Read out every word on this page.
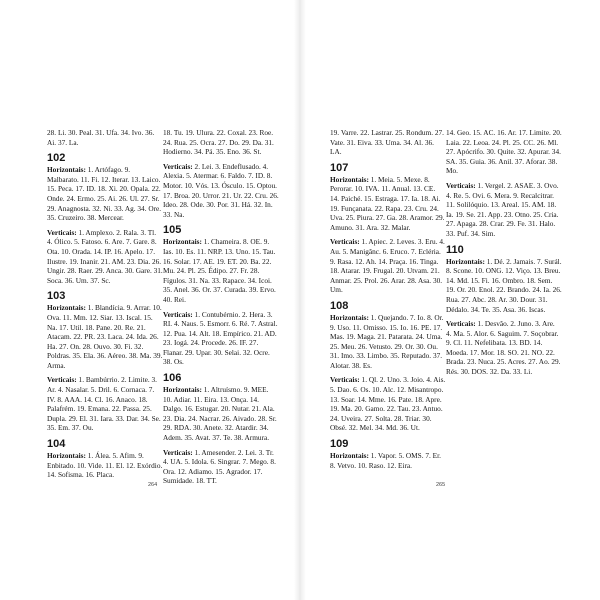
28. Li. 30. Peal. 31. Ufa. 34. Ivo. 36. Ai. 37. La.

102

Horizontais: 1. Artófago. 9. Malbarato. 11. Fi. 12. Iterar. 13. Laico. 15. Peca. 17. ID. 18. Xi. 20. Opala. 22. Onde. 24. Ermo. 25. Ai. 26. Ul. 27. Sr. 29. Anagnosta. 32. Ni. 33. Ag. 34. Ore. 35. Cruzeiro. 38. Mercear.

Verticais: 1. Amplexo. 2. Rala. 3. Tl. 4. Ólico. 5. Fatoso. 6. Are. 7. Gare. 8. Ota. 10. Orada. 14. IP. 16. Apelo. 17. Ilustre. 19. Inanir. 21. AM. 23. Dia. 26. Ungir. 28. Raer. 29. Anca. 30. Gare. 31. Soca. 36. Um. 37. Sc.

103

Horizontais: 1. Blandícia. 9. Arrar. 10. Ova. 11. Mm. 12. Siar. 13. Iscal. 15. Na. 17. Util. 18. Pane. 20. Re. 21. Atacam. 22. PR. 23. Laca. 24. Ida. 26. Ha. 27. On. 28. Ouvo. 30. Fi. 32. Poldras. 35. Ela. 36. Aéreo. 38. Ma. 39. Arma.

Verticais: 1. Bambúrrio. 2. Limite. 3. Ar. 4. Nasalar. 5. Dril. 6. Cornaca. 7. IV. 8. AAA. 14. Cl. 16. Anaco. 18. Palafrém. 19. Emana. 22. Passa. 25. Dupla. 29. El. 31. Iara. 33. Dar. 34. Se. 35. Em. 37. Ou.

104

Horizontais: 1. Álea. 5. Afim. 9. Enbitado. 10. Vide. 11. El. 12. Exórdio. 14. Sofisma. 16. Placa.

18. Tu. 19. Ulura. 22. Coxal. 23. Roe. 24. Rua. 25. Ocra. 27. Do. 29. Da. 31. Hodierno. 34. Pá. 35. Eno. 36. St.

Verticais: 2. Lei. 3. Endeflusado. 4. Alexia. 5. Atermar. 6. Faldo. 7. ID. 8. Motor. 10. Vós. 13. Ósculo. 15. Optou. 17. Broa. 20. Urror. 21. Ur. 22. Cru. 26. Ideo. 28. Ode. 30. Por. 31. Há. 32. In. 33. Na.

105

Horizontais: 1. Chameira. 8. OE. 9. Ias. 10. Es. 11. NRP. 13. Uno. 15. Tau. 16. Solar. 17. AE. 19. ET. 20. Ba. 22. Mu. 24. Pl. 25. Édipo. 27. Fr. 28. Fígulos. 31. Na. 33. Rapace. 34. Icoi. 35. Anel. 36. Or. 37. Curada. 39. Ervo. 40. Rei.

Verticais: 1. Contubérnio. 2. Hera. 3. RI. 4. Naus. 5. Esmorr. 6. Ré. 7. Astral. 12. Pua. 14. Alt. 18. Empírico. 21. AD. 23. Iogá. 24. Procede. 26. IF. 27. Flanar. 29. Upar. 30. Selai. 32. Ocre. 38. Os.

106

Horizontais: 1. Altruísmo. 9. MEE. 10. Adiar. 11. Eira. 13. Onça. 14. Dalgo. 16. Estugar. 20. Nutar. 21. Ala. 23. Dia. 24. Nacrar. 26. Aivado. 28. Sr. 29. RDA. 30. Anete. 32. Atardir. 34. Adem. 35. Avat. 37. Te. 38. Armura.

Verticais: 1. Amesender. 2. Lei. 3. Tr. 4. UA. 5. Idola. 6. Singrar. 7. Mego. 8. Ora. 12. Adiamo. 15. Agrador. 17. Sumidade. 18. TT.

264

19. Varre. 22. Lastrar. 25. Rondum. 27. Vate. 31. Eiva. 33. Uma. 34. Al. 36. LA.

107

Horizontais: 1. Meia. 5. Mexe. 8. Perorar. 10. IVA. 11. Anual. 13. CE. 14. Paiché. 15. Estraga. 17. Ia. 18. Ai. 19. Funçanata. 22. Rapa. 23. Cru. 24. Uva. 25. Piura. 27. Ga. 28. Aramor. 29. Amuno. 31. Ara. 32. Malar.

Verticais: 1. Apiec. 2. Leves. 3. Eru. 4. Au. 5. Manigânc. 6. Eruco. 7. Ecléria. 9. Rasa. 12. Ah. 14. Praça. 16. Tinga. 18. Atarar. 19. Frugal. 20. Utvam. 21. Anmar. 25. Prol. 26. Arar. 28. Asa. 30. Um.

108

Horizontais: 1. Quejando. 7. Io. 8. Or. 9. Uso. 11. Omisso. 15. Io. 16. PE. 17. Mas. 19. Maga. 21. Patarata. 24. Uma. 25. Meu. 26. Vetusto. 29. Or. 30. Ou. 31. Imo. 33. Limbo. 35. Reputado. 37. Alotar. 38. Es.

Verticais: 1. Ql. 2. Uno. 3. Joio. 4. Ais. 5. Dao. 6. Os. 10. Alc. 12. Misantropo. 13. Soar. 14. Mme. 16. Pate. 18. Apre. 19. Ma. 20. Gamo. 22. Tau. 23. Antuo. 24. Uveira. 27. Solta. 28. Triar. 30. Obsé. 32. Mel. 34. Md. 36. Ut.

109

Horizontais: 1. Vapor. 5. OMS. 7. Er. 8. Vetvo. 10. Raso. 12. Eira.

14. Geo. 15. AC. 16. Ar. 17. Limite. 20. Laia. 22. Leoa. 24. Pl. 25. CC. 26. Ml. 27. Apócrifo. 30. Quite. 32. Apurar. 34. SA. 35. Guia. 36. Anil. 37. Aforar. 38. Mo.

Verticais: 1. Vergel. 2. ASAE. 3. Ovo. 4. Re. 5. Ovi. 6. Mera. 9. Recalcitrar. 11. Solilóquio. 13. Areal. 15. AM. 18. Ia. 19. Se. 21. App. 23. Otno. 25. Cria. 27. Apaga. 28. Crar. 29. Fe. 31. Halo. 33. Puf. 34. Sim.

110

Horizontais: 1. Dé. 2. Jamais. 7. Surál. 8. Scone. 10. ONG. 12. Viço. 13. Breu. 14. Md. 15. Fi. 16. Ombro. 18. Sem. 19. Or. 20. Enol. 22. Brando. 24. Ia. 26. Rua. 27. Abc. 28. Ar. 30. Dour. 31. Dédalo. 34. Te. 35. Asa. 36. Iscas.

Verticais: 1. Desvão. 2. Juno. 3. Are. 4. Ma. 5. Alor. 6. Saguim. 7. Soçobrar. 9. Cl. 11. Nefelibata. 13. BD. 14. Moeda. 17. Mor. 18. SO. 21. NO. 22. Brada. 23. Nuca. 25. Acres. 27. Ao. 29. Rés. 30. DOS. 32. Da. 33. Li.

265
